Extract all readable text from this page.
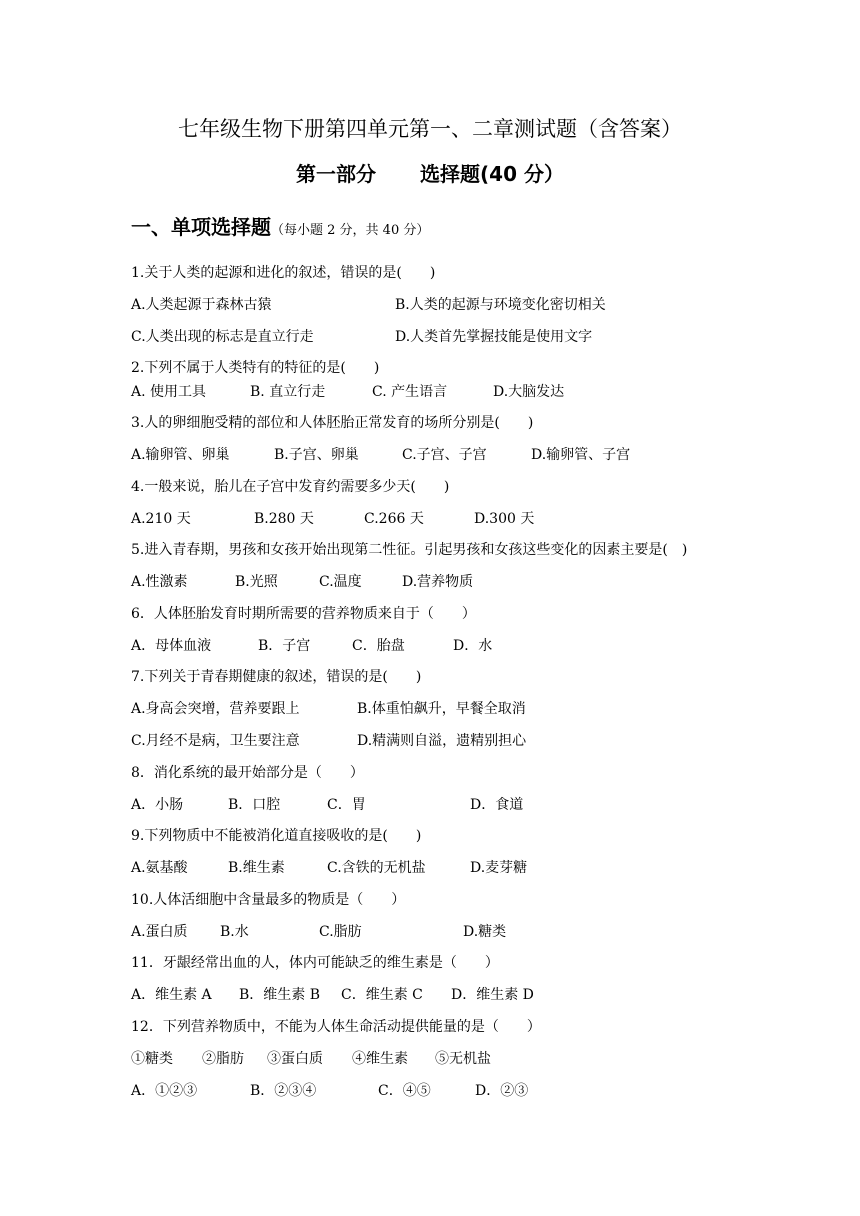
七年级生物下册第四单元第一、二章测试题（含答案）
第一部分 选择题(40 分）
一、单项选择题（每小题 2 分，共 40 分）
1.关于人类的起源和进化的叙述，错误的是(　　)
A.人类起源于森林古猿	B.人类的起源与环境变化密切相关
C.人类出现的标志是直立行走	D.人类首先掌握技能是使用文字
2.下列不属于人类特有的特征的是(　　)
A. 使用工具	B. 直立行走	C. 产生语言	D.大脑发达
3.人的卵细胞受精的部位和人体胚胎正常发育的场所分别是(　　)
A.输卵管、卵巢	B.子宫、卵巢	C.子宫、子宫	D.输卵管、子宫
4.一般来说，胎儿在子宫中发育约需要多少天(　　)
A.210 天	B.280 天	C.266 天	D.300 天
5.进入青春期，男孩和女孩开始出现第二性征。引起男孩和女孩这些变化的因素主要是(　)
A.性激素	B.光照	C.温度	D.营养物质
6．人体胚胎发育时期所需要的营养物质来自于（　　）
A．母体血液	B．子宫	C．胎盘	D．水
7.下列关于青春期健康的叙述，错误的是(　　)
A.身高会突增，营养要跟上	B.体重怕飙升，早餐全取消
C.月经不是病，卫生要注意	D.精满则自溢，遗精别担心
8．消化系统的最开始部分是（　　）
A．小肠	B．口腔	C．胃	D．食道
9.下列物质中不能被消化道直接吸收的是(　　)
A.氨基酸	B.维生素	C.含铁的无机盐	D.麦芽糖
10.人体活细胞中含量最多的物质是（　　）
A.蛋白质 B.水	C.脂肪	D.糖类
11．牙龈经常出血的人，体内可能缺乏的维生素是（　　）
A．维生素 A B．维生素 B C．维生素 C D．维生素 D
12．下列营养物质中，不能为人体生命活动提供能量的是（　　）
①糖类 ②脂肪 ③蛋白质 ④维生素 ⑤无机盐
A．①②③	B．②③④	C．④⑤	D．②③
